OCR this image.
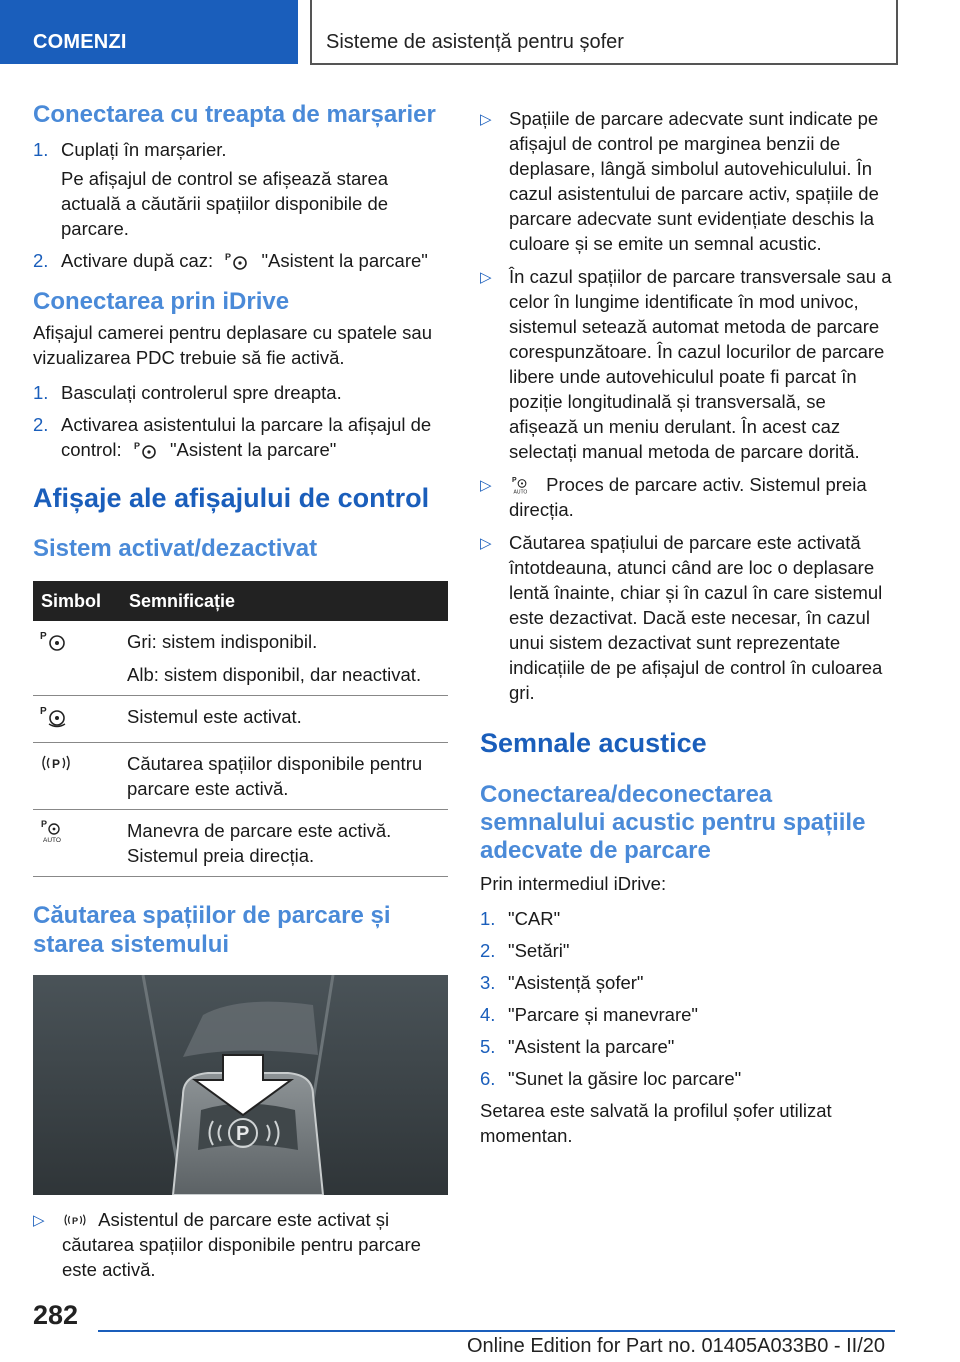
COMENZI	Sisteme de asistență pentru șofer
Conectarea cu treapta de marșarier
1. Cuplați în marșarier.

Pe afișajul de control se afișează starea actuală a căutării spațiilor disponibile de parcare.

2. Activare după caz: P "Asistent la parcare"
Conectarea prin iDrive

Afișajul camerei pentru deplasare cu spatele sau vizualizarea PDC trebuie să fie activă.

1. Basculați controlerul spre dreapta.
2. Activarea asistentului la parcare la afișajul de control: P "Asistent la parcare"
Afișaje ale afișajului de control
Sistem activat/dezactivat
Simbol	Semnificație

P	Gri: sistem indisponibil.
Alb: sistem disponibil, dar neactivat.

P	Sistemul este activat.

P	Căutarea spațiilor disponibile pentru parcare este activă.

P
AUTO	Manevra de parcare este activă. Sistemul preia direcția.
Căutarea spațiilor de parcare și starea sistemului
P
▷ P Asistentul de parcare este activat și căutarea spațiilor disponibile pentru parcare este activă.
▷ Spațiile de parcare adecvate sunt indicate pe afișajul de control pe marginea benzii de deplasare, lângă simbolul autovehiculului. În cazul asistentului de parcare activ, spațiile de parcare adecvate sunt evidențiate deschis la culoare și se emite un semnal acustic.
▷ În cazul spațiilor de parcare transversale sau a celor în lungime identificate în mod univoc, sistemul setează automat metoda de parcare corespunzătoare. În cazul locurilor de parcare libere unde autovehiculul poate fi parcat în poziție longitudinală și transversală, se afișează un meniu derulant. În acest caz selectați manual metoda de parcare dorită.
▷ P
AUTO Proces de parcare activ. Sistemul preia direcția.
▷ Căutarea spațiului de parcare este activată întotdeauna, atunci când are loc o deplasare lentă înainte, chiar și în cazul în care sistemul este dezactivat. Dacă este necesar, în cazul unui sistem dezactivat sunt reprezentate indicațiile de pe afișajul de control în culoarea gri.
Semnale acustice
Conectarea/deconectarea semnalului acustic pentru spațiile adecvate de parcare

Prin intermediul iDrive:

1. "CAR"
2. "Setări"
3. "Asistență șofer"
4. "Parcare și manevrare"
5. "Asistent la parcare"
6. "Sunet la găsire loc parcare"

Setarea este salvată la profilul șofer utilizat momentan.

282
Online Edition for Part no. 01405A033B0 - II/20
